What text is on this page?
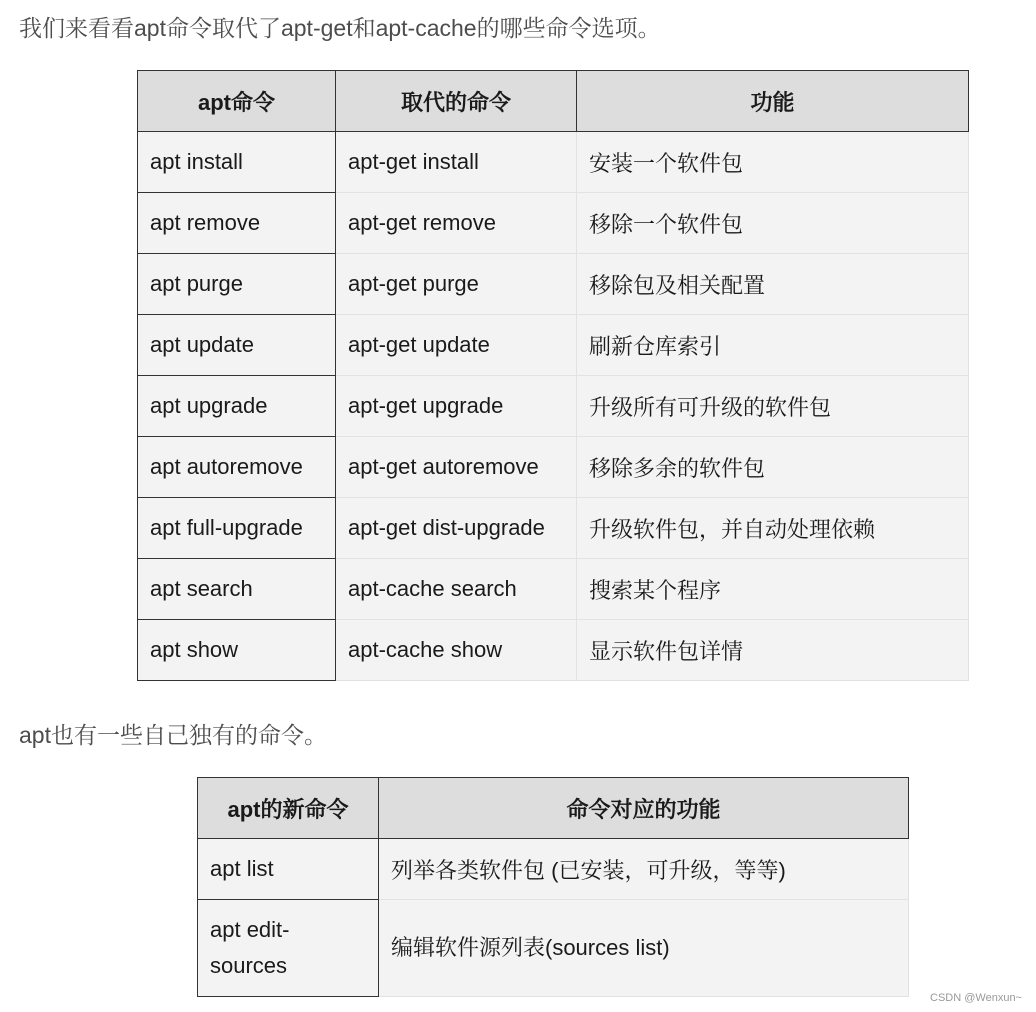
我们来看看apt命令取代了apt-get和apt-cache的哪些命令选项。

apt命令	取代的命令	功能
apt install	apt-get install	安装一个软件包
apt remove	apt-get remove	移除一个软件包
apt purge	apt-get purge	移除包及相关配置
apt update	apt-get update	刷新仓库索引
apt upgrade	apt-get upgrade	升级所有可升级的软件包
apt autoremove	apt-get autoremove	移除多余的软件包
apt full-upgrade	apt-get dist-upgrade	升级软件包，并自动处理依赖
apt search	apt-cache search	搜索某个程序
apt show	apt-cache show	显示软件包详情

apt也有一些自己独有的命令。

apt的新命令	命令对应的功能
apt list	列举各类软件包 (已安装，可升级，等等)
apt edit-sources	编辑软件源列表(sources list)
CSDN @Wenxun~
